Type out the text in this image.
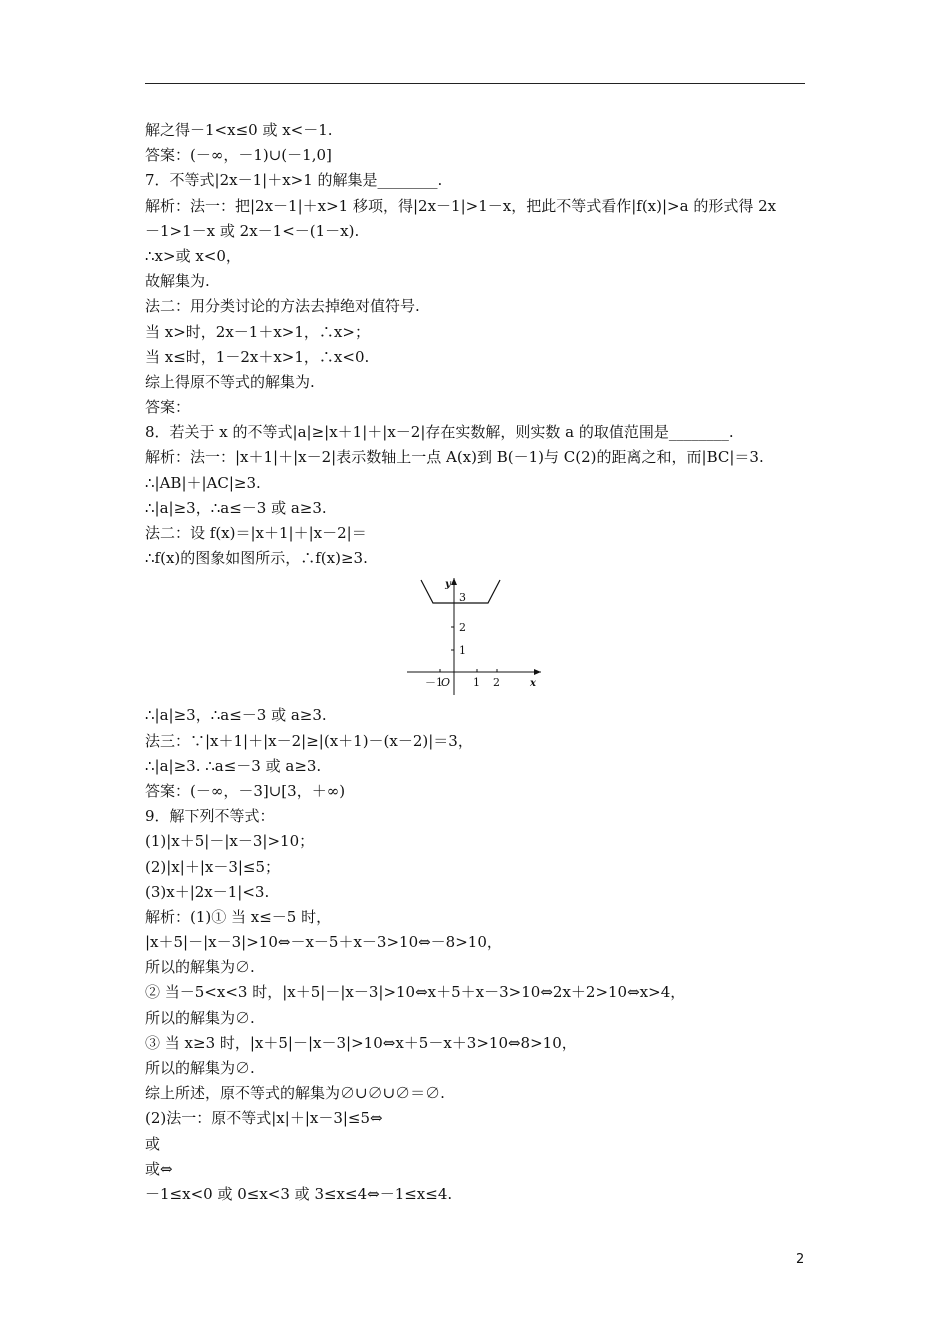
解之得－1<x≤0 或 x<－1.
答案：(－∞，－1)∪(－1,0]
7．不等式|2x－1|＋x>1 的解集是________.
解析：法一：把|2x－1|＋x>1 移项，得|2x－1|>1－x，把此不等式看作|f(x)|>a 的形式得 2x
－1>1－x 或 2x－1<－(1－x).
∴x>或 x<0，
故解集为.
法二：用分类讨论的方法去掉绝对值符号.
当 x>时，2x－1＋x>1，∴x>；
当 x≤时，1－2x＋x>1，∴x<0.
综上得原不等式的解集为.
答案：
8．若关于 x 的不等式|a|≥|x＋1|＋|x－2|存在实数解，则实数 a 的取值范围是________.
解析：法一：|x＋1|＋|x－2|表示数轴上一点 A(x)到 B(－1)与 C(2)的距离之和，而|BC|＝3.
∴|AB|＋|AC|≥3.
∴|a|≥3，∴a≤－3 或 a≥3.
法二：设 f(x)＝|x＋1|＋|x－2|＝
∴f(x)的图象如图所示，∴f(x)≥3.
y
x
3
2
1
－1
O 1 2
∴|a|≥3，∴a≤－3 或 a≥3.
法三：∵|x＋1|＋|x－2|≥|(x＋1)－(x－2)|＝3，
∴|a|≥3. ∴a≤－3 或 a≥3.
答案：(－∞，－3]∪[3，＋∞)
9．解下列不等式：
(1)|x＋5|－|x－3|>10；
(2)|x|＋|x－3|≤5；
(3)x＋|2x－1|<3.
解析：(1)① 当 x≤－5 时，
|x＋5|－|x－3|>10⇔－x－5＋x－3>10⇔－8>10，
所以的解集为∅.
② 当－5<x<3 时，|x＋5|－|x－3|>10⇔x＋5＋x－3>10⇔2x＋2>10⇔x>4，
所以的解集为∅.
③ 当 x≥3 时，|x＋5|－|x－3|>10⇔x＋5－x＋3>10⇔8>10，
所以的解集为∅.
综上所述，原不等式的解集为∅∪∅∪∅＝∅.
(2)法一：原不等式|x|＋|x－3|≤5⇔
或
或⇔
－1≤x<0 或 0≤x<3 或 3≤x≤4⇔－1≤x≤4.
2
